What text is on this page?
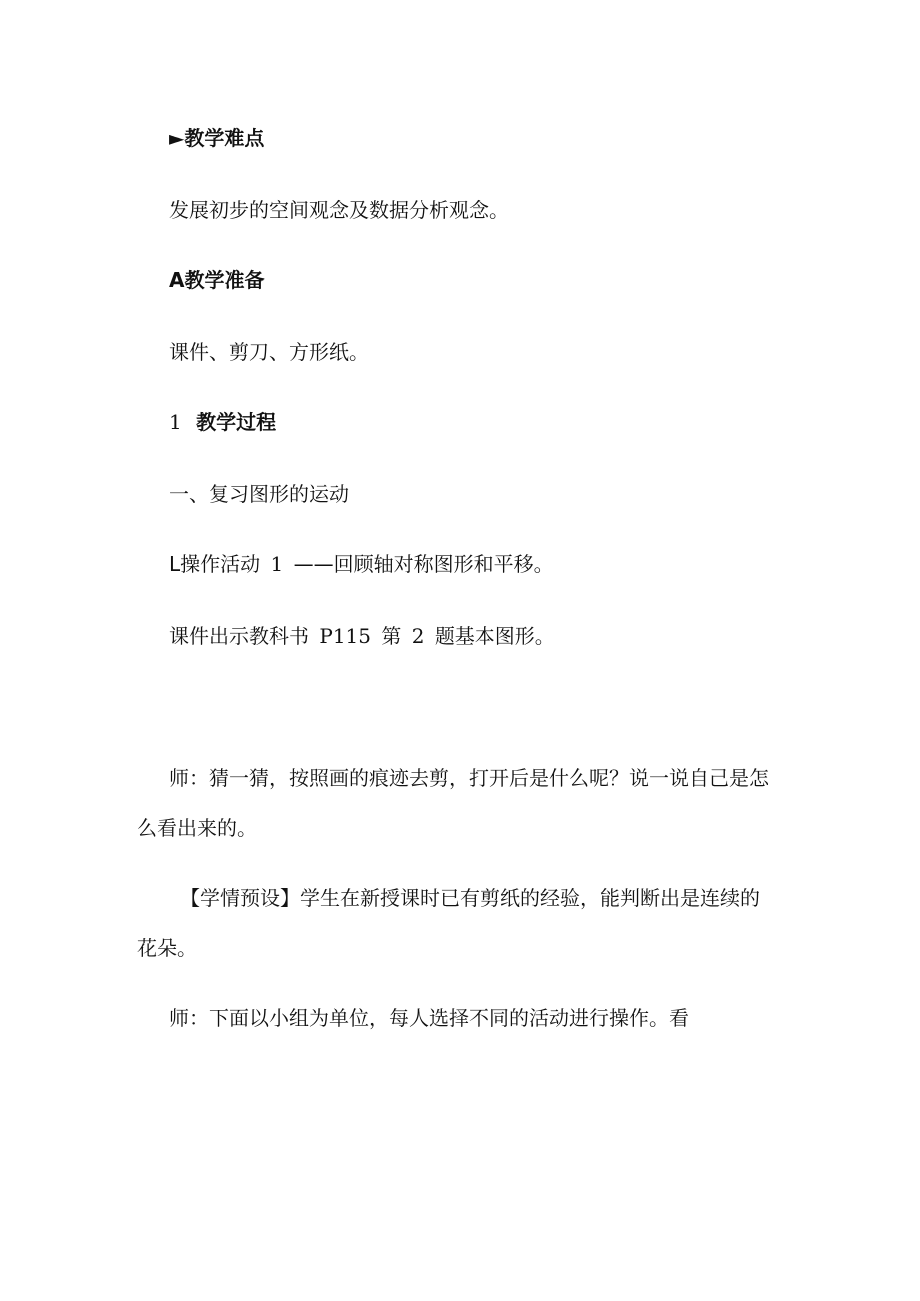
►教学难点
发展初步的空间观念及数据分析观念。
A教学准备
课件、剪刀、方形纸。
1 教学过程
一、复习图形的运动
L操作活动 1 ——回顾轴对称图形和平移。
课件出示教科书 P115 第 2 题基本图形。
师：猜一猜，按照画的痕迹去剪，打开后是什么呢？说一说自己是怎
么看出来的。
【学情预设】学生在新授课时已有剪纸的经验，能判断出是连续的
花朵。
师：下面以小组为单位，每人选择不同的活动进行操作。看
